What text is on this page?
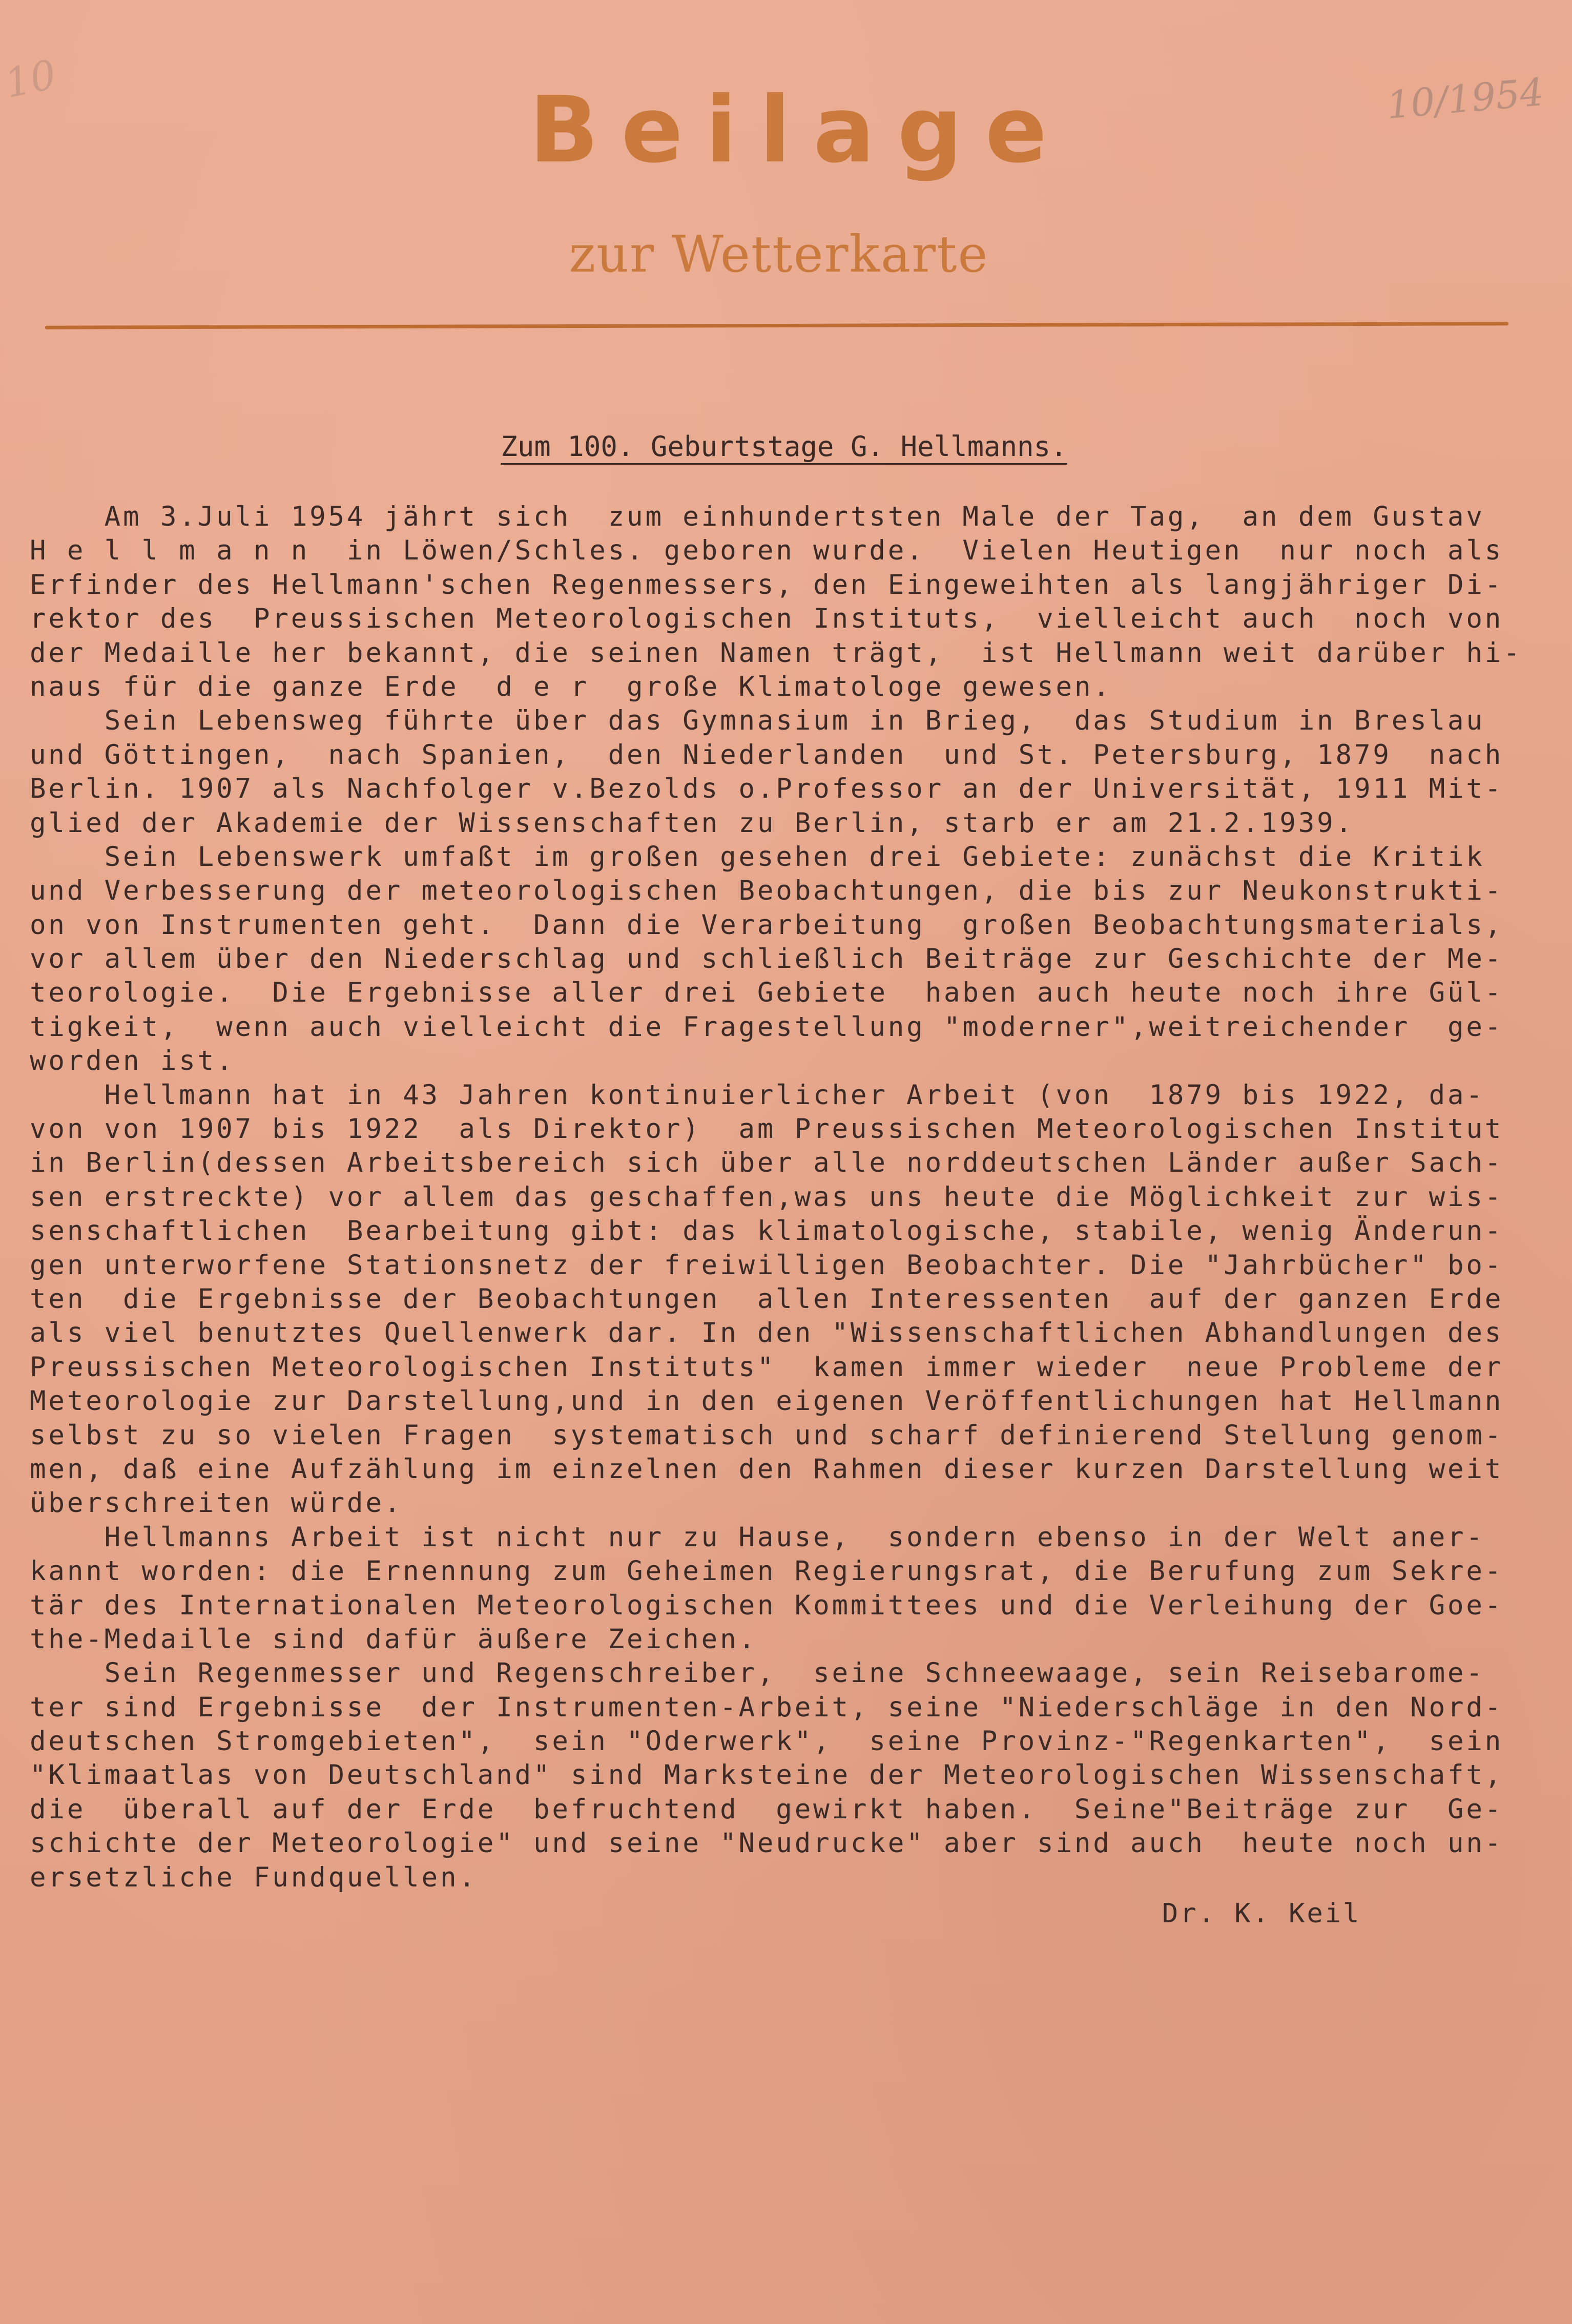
10	10/1954
Beilage
zur Wetterkarte
Zum 100. Geburtstage G. Hellmanns.
Am 3.Juli 1954 jährt sich  zum einhundertsten Male der Tag,  an dem Gustav
H e l l m a n n  in Löwen/Schles. geboren wurde.  Vielen Heutigen  nur noch als
Erfinder des Hellmann'schen Regenmessers, den Eingeweihten als langjähriger Di-
rektor des  Preussischen Meteorologischen Instituts,  vielleicht auch  noch von
der Medaille her bekannt, die seinen Namen trägt,  ist Hellmann weit darüber hi-
naus für die ganze Erde  d e r  große Klimatologe gewesen.
Sein Lebensweg führte über das Gymnasium in Brieg,  das Studium in Breslau
und Göttingen,  nach Spanien,  den Niederlanden  und St. Petersburg, 1879  nach
Berlin. 1907 als Nachfolger v.Bezolds o.Professor an der Universität, 1911 Mit-
glied der Akademie der Wissenschaften zu Berlin, starb er am 21.2.1939.
Sein Lebenswerk umfaßt im großen gesehen drei Gebiete: zunächst die Kritik
und Verbesserung der meteorologischen Beobachtungen, die bis zur Neukonstrukti-
on von Instrumenten geht.  Dann die Verarbeitung  großen Beobachtungsmaterials,
vor allem über den Niederschlag und schließlich Beiträge zur Geschichte der Me-
teorologie.  Die Ergebnisse aller drei Gebiete  haben auch heute noch ihre Gül-
tigkeit,  wenn auch vielleicht die Fragestellung "moderner",weitreichender  ge-
worden ist.
Hellmann hat in 43 Jahren kontinuierlicher Arbeit (von  1879 bis 1922, da-
von von 1907 bis 1922  als Direktor)  am Preussischen Meteorologischen Institut
in Berlin(dessen Arbeitsbereich sich über alle norddeutschen Länder außer Sach-
sen erstreckte) vor allem das geschaffen,was uns heute die Möglichkeit zur wis-
senschaftlichen  Bearbeitung gibt: das klimatologische, stabile, wenig Änderun-
gen unterworfene Stationsnetz der freiwilligen Beobachter. Die "Jahrbücher" bo-
ten  die Ergebnisse der Beobachtungen  allen Interessenten  auf der ganzen Erde
als viel benutztes Quellenwerk dar. In den "Wissenschaftlichen Abhandlungen des
Preussischen Meteorologischen Instituts"  kamen immer wieder  neue Probleme der
Meteorologie zur Darstellung,und in den eigenen Veröffentlichungen hat Hellmann
selbst zu so vielen Fragen  systematisch und scharf definierend Stellung genom-
men, daß eine Aufzählung im einzelnen den Rahmen dieser kurzen Darstellung weit
überschreiten würde.
Hellmanns Arbeit ist nicht nur zu Hause,  sondern ebenso in der Welt aner-
kannt worden: die Ernennung zum Geheimen Regierungsrat, die Berufung zum Sekre-
tär des Internationalen Meteorologischen Kommittees und die Verleihung der Goe-
the-Medaille sind dafür äußere Zeichen.
Sein Regenmesser und Regenschreiber,  seine Schneewaage, sein Reisebarome-
ter sind Ergebnisse  der Instrumenten-Arbeit, seine "Niederschläge in den Nord-
deutschen Stromgebieten",  sein "Oderwerk",  seine Provinz-"Regenkarten",  sein
"Klimaatlas von Deutschland" sind Marksteine der Meteorologischen Wissenschaft,
die  überall auf der Erde  befruchtend  gewirkt haben.  Seine"Beiträge zur  Ge-
schichte der Meteorologie" und seine "Neudrucke" aber sind auch  heute noch un-
ersetzliche Fundquellen.
Dr. K. Keil
